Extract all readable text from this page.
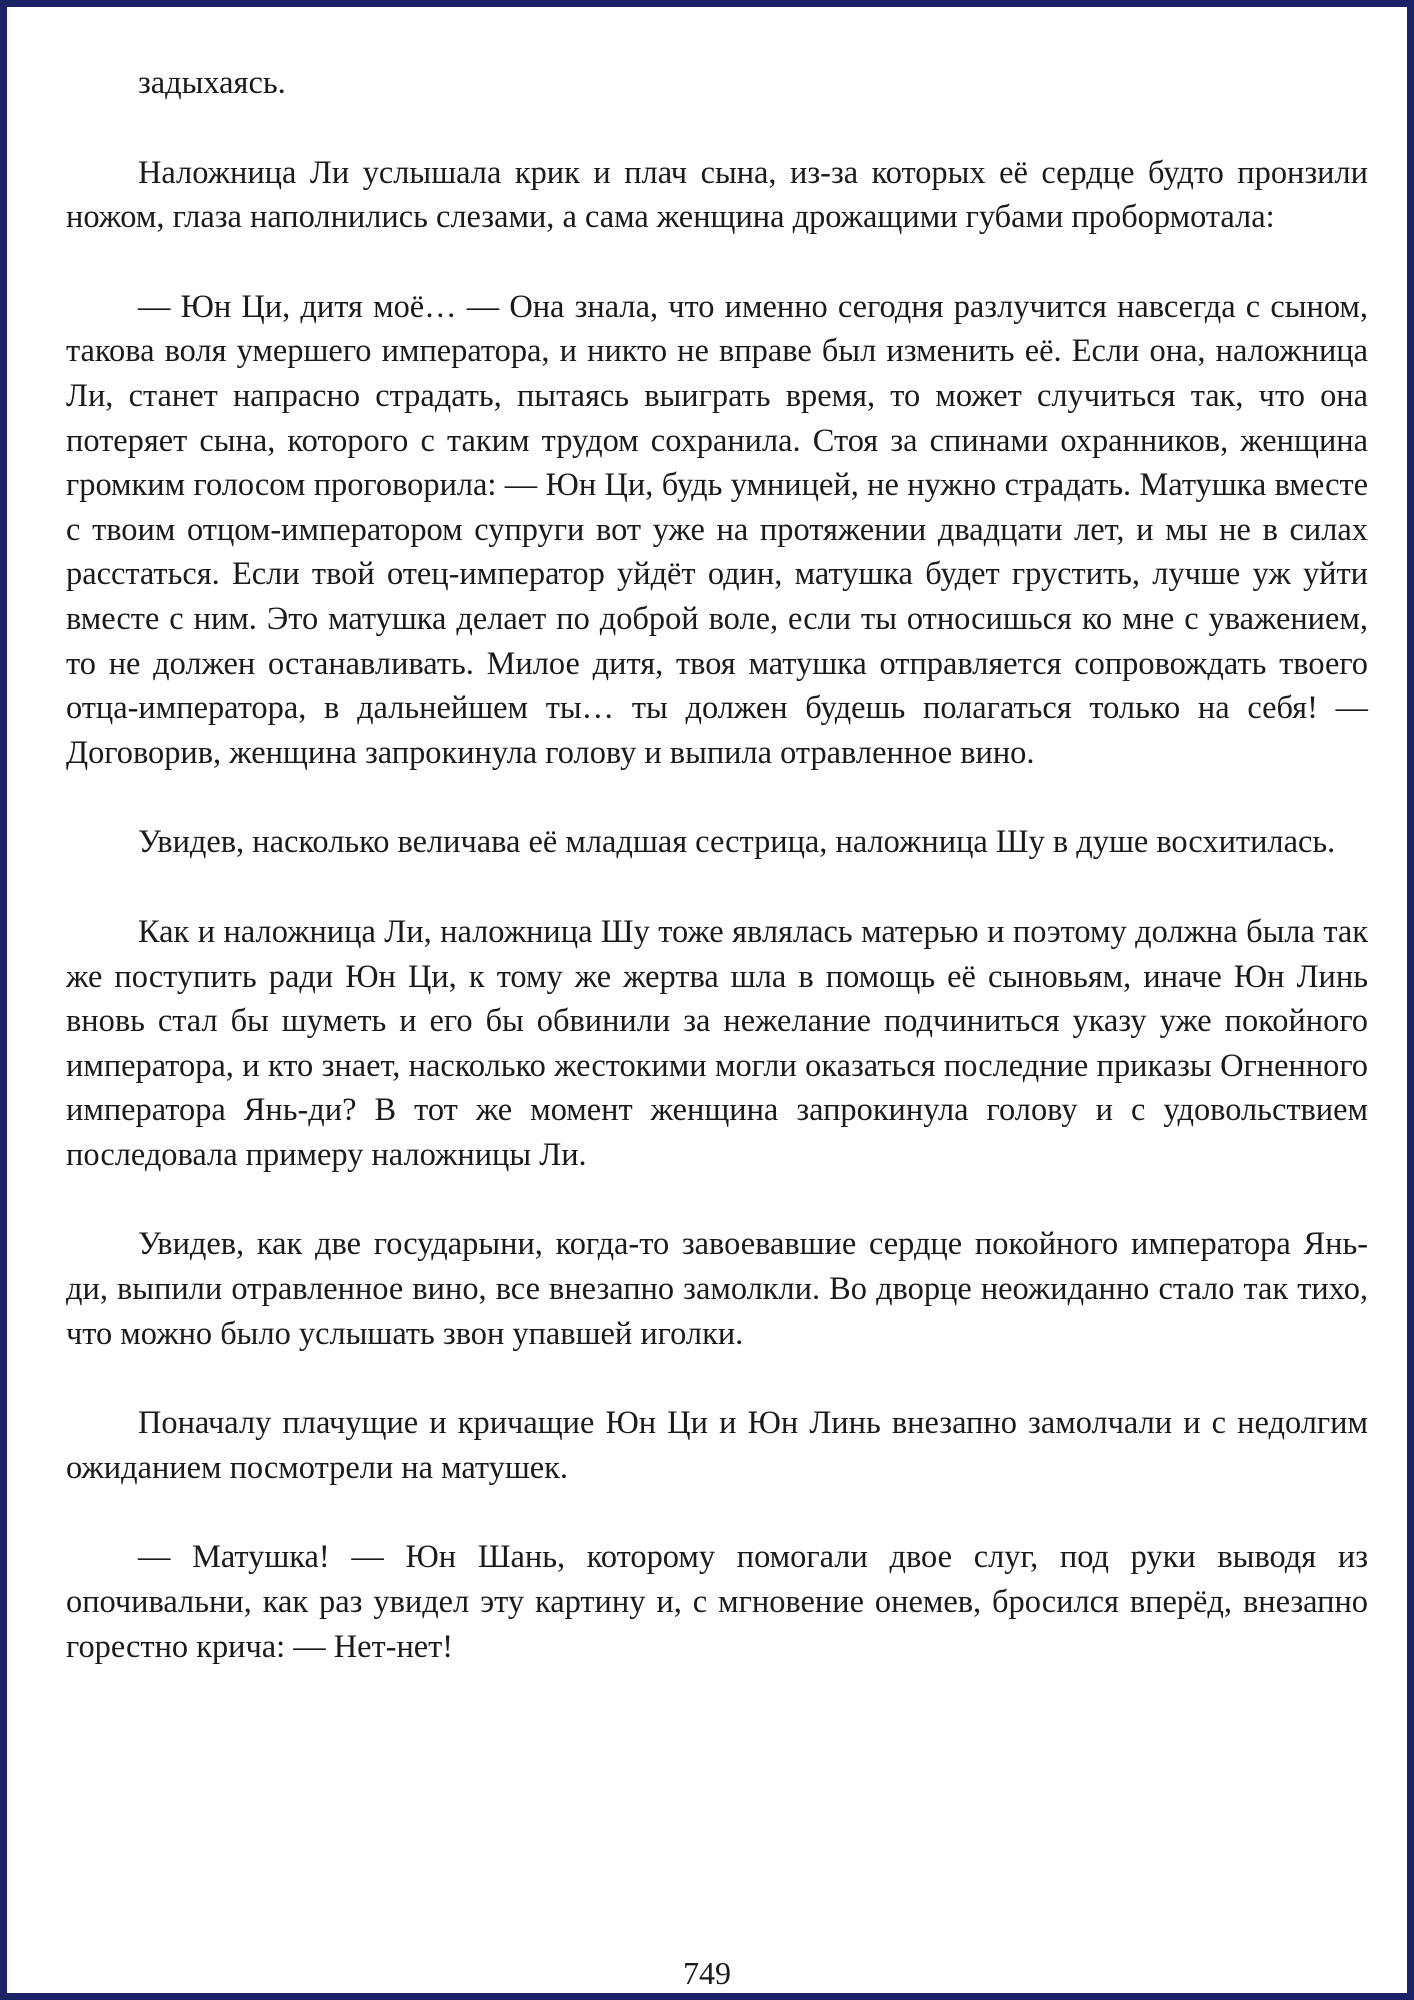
задыхаясь.

Наложница Ли услышала крик и плач сына, из-за которых её сердце будто пронзили ножом, глаза наполнились слезами, а сама женщина дрожащими губами пробормотала:

— Юн Ци, дитя моё… — Она знала, что именно сегодня разлучится навсегда с сыном, такова воля умершего императора, и никто не вправе был изменить её. Если она, наложница Ли, станет напрасно страдать, пытаясь выиграть время, то может случиться так, что она потеряет сына, которого с таким трудом сохранила. Стоя за спинами охранников, женщина громким голосом проговорила: — Юн Ци, будь умницей, не нужно страдать. Матушка вместе с твоим отцом-императором супруги вот уже на протяжении двадцати лет, и мы не в силах расстаться. Если твой отец-император уйдёт один, матушка будет грустить, лучше уж уйти вместе с ним. Это матушка делает по доброй воле, если ты относишься ко мне с уважением, то не должен останавливать. Милое дитя, твоя матушка отправляется сопровождать твоего отца-императора, в дальнейшем ты… ты должен будешь полагаться только на себя! — Договорив, женщина запрокинула голову и выпила отравленное вино.

Увидев, насколько величава её младшая сестрица, наложница Шу в душе восхитилась.

Как и наложница Ли, наложница Шу тоже являлась матерью и поэтому должна была так же поступить ради Юн Ци, к тому же жертва шла в помощь её сыновьям, иначе Юн Линь вновь стал бы шуметь и его бы обвинили за нежелание подчиниться указу уже покойного императора, и кто знает, насколько жестокими могли оказаться последние приказы Огненного императора Янь-ди? В тот же момент женщина запрокинула голову и с удовольствием последовала примеру наложницы Ли.

Увидев, как две государыни, когда-то завоевавшие сердце покойного императора Янь-ди, выпили отравленное вино, все внезапно замолкли. Во дворце неожиданно стало так тихо, что можно было услышать звон упавшей иголки.

Поначалу плачущие и кричащие Юн Ци и Юн Линь внезапно замолчали и с недолгим ожиданием посмотрели на матушек.

— Матушка! — Юн Шань, которому помогали двое слуг, под руки выводя из опочивальни, как раз увидел эту картину и, с мгновение онемев, бросился вперёд, внезапно горестно крича: — Нет-нет!

749
